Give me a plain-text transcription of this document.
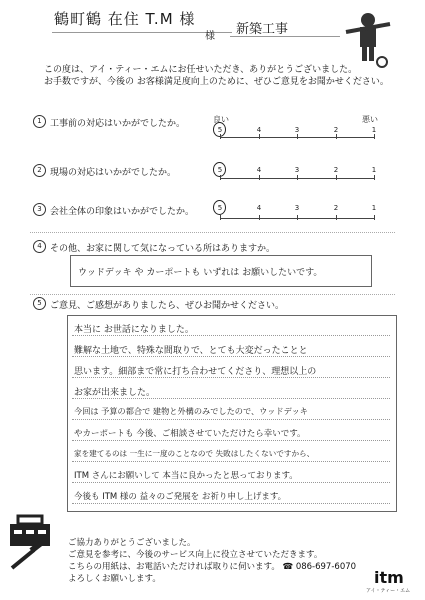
鶴町鶴 在住 T.M 様
様 新築工事
この度は、アイ・ティー・エムにお任せいただき、ありがとうございました。
お手数ですが、今後の お客様満足度向上のために、ぜひご意見をお聞かせください。
1 工事前の対応はいかがでしたか。	良い	悪い
5	4	3	2	1
2 現場の対応はいかがでしたか。	5	4	3	2	1
3 会社全体の印象はいかがでしたか。	5	4	3	2	1
4 その他、お家に関して気になっている所はありますか。
ウッドデッキ や カーポートも いずれは お願いしたいです。
5 ご意見、ご感想がありましたら、ぜひお聞かせください。
本当に お世話になりました。
難解な土地で、特殊な間取りで、とても大変だったことと
思います。細部まで常に打ち合わせてくださり、理想以上の
お家が出来ました。
今回は 予算の都合で 建物と外構のみでしたので、ウッドデッキ
やカーポートも 今後、ご相談させていただけたら幸いです。
家を建てるのは 一生に一度のことなので 失敗はしたくないですから、
ITM さんにお願いして 本当に良かったと思っております。
今後も ITM 様の 益々のご発展を お祈り申し上げます。
ご協力ありがとうございました。
ご意見を参考に、今後のサービス向上に役立させていただきます。
こちらの用紙は、お電話いただければ取りに伺います。 ☎ 086-697-6070
よろしくお願いします。	itm
アイ・ティー・エム
